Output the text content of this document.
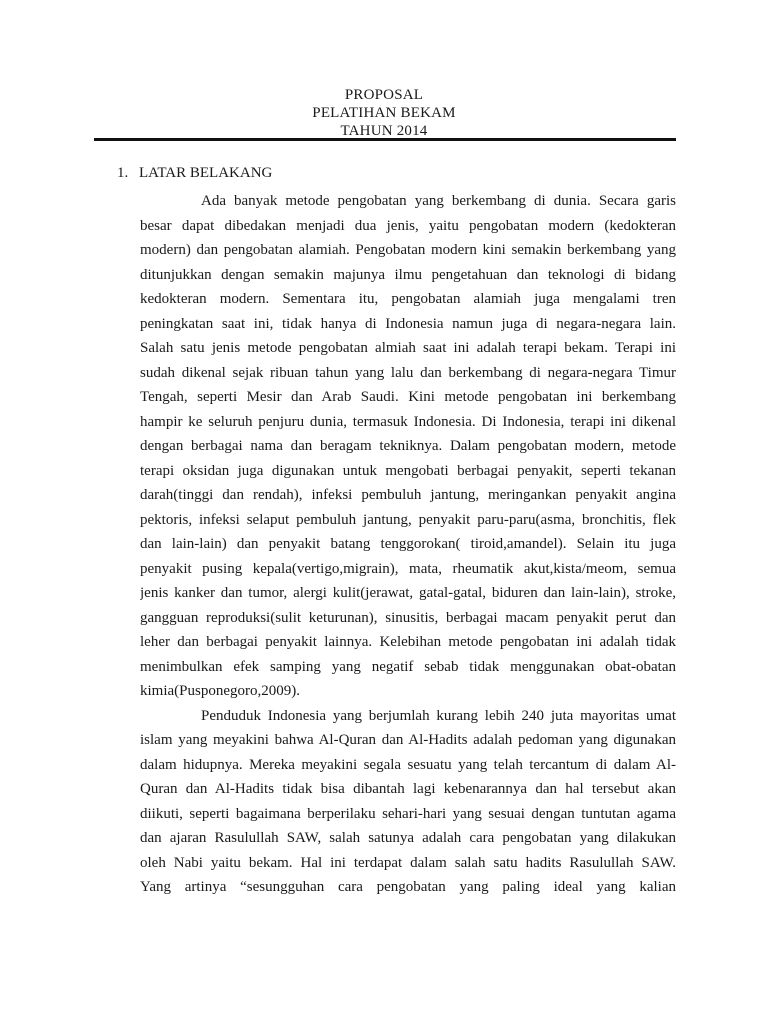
PROPOSAL
PELATIHAN BEKAM
TAHUN 2014
1. LATAR BELAKANG
Ada banyak metode pengobatan yang berkembang di dunia. Secara garis
besar dapat dibedakan menjadi dua jenis, yaitu pengobatan modern (kedokteran
modern) dan pengobatan alamiah. Pengobatan modern kini semakin berkembang yang
ditunjukkan dengan semakin majunya ilmu pengetahuan dan teknologi di bidang
kedokteran modern. Sementara itu, pengobatan alamiah juga mengalami tren
peningkatan saat ini, tidak hanya di Indonesia namun juga di negara-negara lain.
Salah satu jenis metode pengobatan almiah saat ini adalah terapi bekam. Terapi ini
sudah dikenal sejak ribuan tahun yang lalu dan berkembang di negara-negara Timur
Tengah, seperti Mesir dan Arab Saudi. Kini metode pengobatan ini berkembang
hampir ke seluruh penjuru dunia, termasuk Indonesia. Di Indonesia, terapi ini dikenal
dengan berbagai nama dan beragam tekniknya. Dalam pengobatan modern, metode
terapi oksidan juga digunakan untuk mengobati berbagai penyakit, seperti tekanan
darah(tinggi dan rendah), infeksi pembuluh jantung, meringankan penyakit angina
pektoris, infeksi selaput pembuluh jantung, penyakit paru-paru(asma, bronchitis, flek
dan lain-lain) dan penyakit batang tenggorokan( tiroid,amandel). Selain itu juga
penyakit pusing kepala(vertigo,migrain), mata, rheumatik akut,kista/meom, semua
jenis kanker dan tumor, alergi kulit(jerawat, gatal-gatal, biduren dan lain-lain), stroke,
gangguan reproduksi(sulit keturunan), sinusitis, berbagai macam penyakit perut dan
leher dan berbagai penyakit lainnya. Kelebihan metode pengobatan ini adalah tidak
menimbulkan efek samping yang negatif sebab tidak menggunakan obat-obatan
kimia(Pusponegoro,2009).
Penduduk Indonesia yang berjumlah kurang lebih 240 juta mayoritas umat
islam yang meyakini bahwa Al-Quran dan Al-Hadits adalah pedoman yang digunakan
dalam hidupnya. Mereka meyakini segala sesuatu yang telah tercantum di dalam Al-
Quran dan Al-Hadits tidak bisa dibantah lagi kebenarannya dan hal tersebut akan
diikuti, seperti bagaimana berperilaku sehari-hari yang sesuai dengan tuntutan agama
dan ajaran Rasulullah SAW, salah satunya adalah cara pengobatan yang dilakukan
oleh Nabi yaitu bekam. Hal ini terdapat dalam salah satu hadits Rasulullah SAW.
Yang artinya “sesungguhan cara pengobatan yang paling ideal yang kalian
